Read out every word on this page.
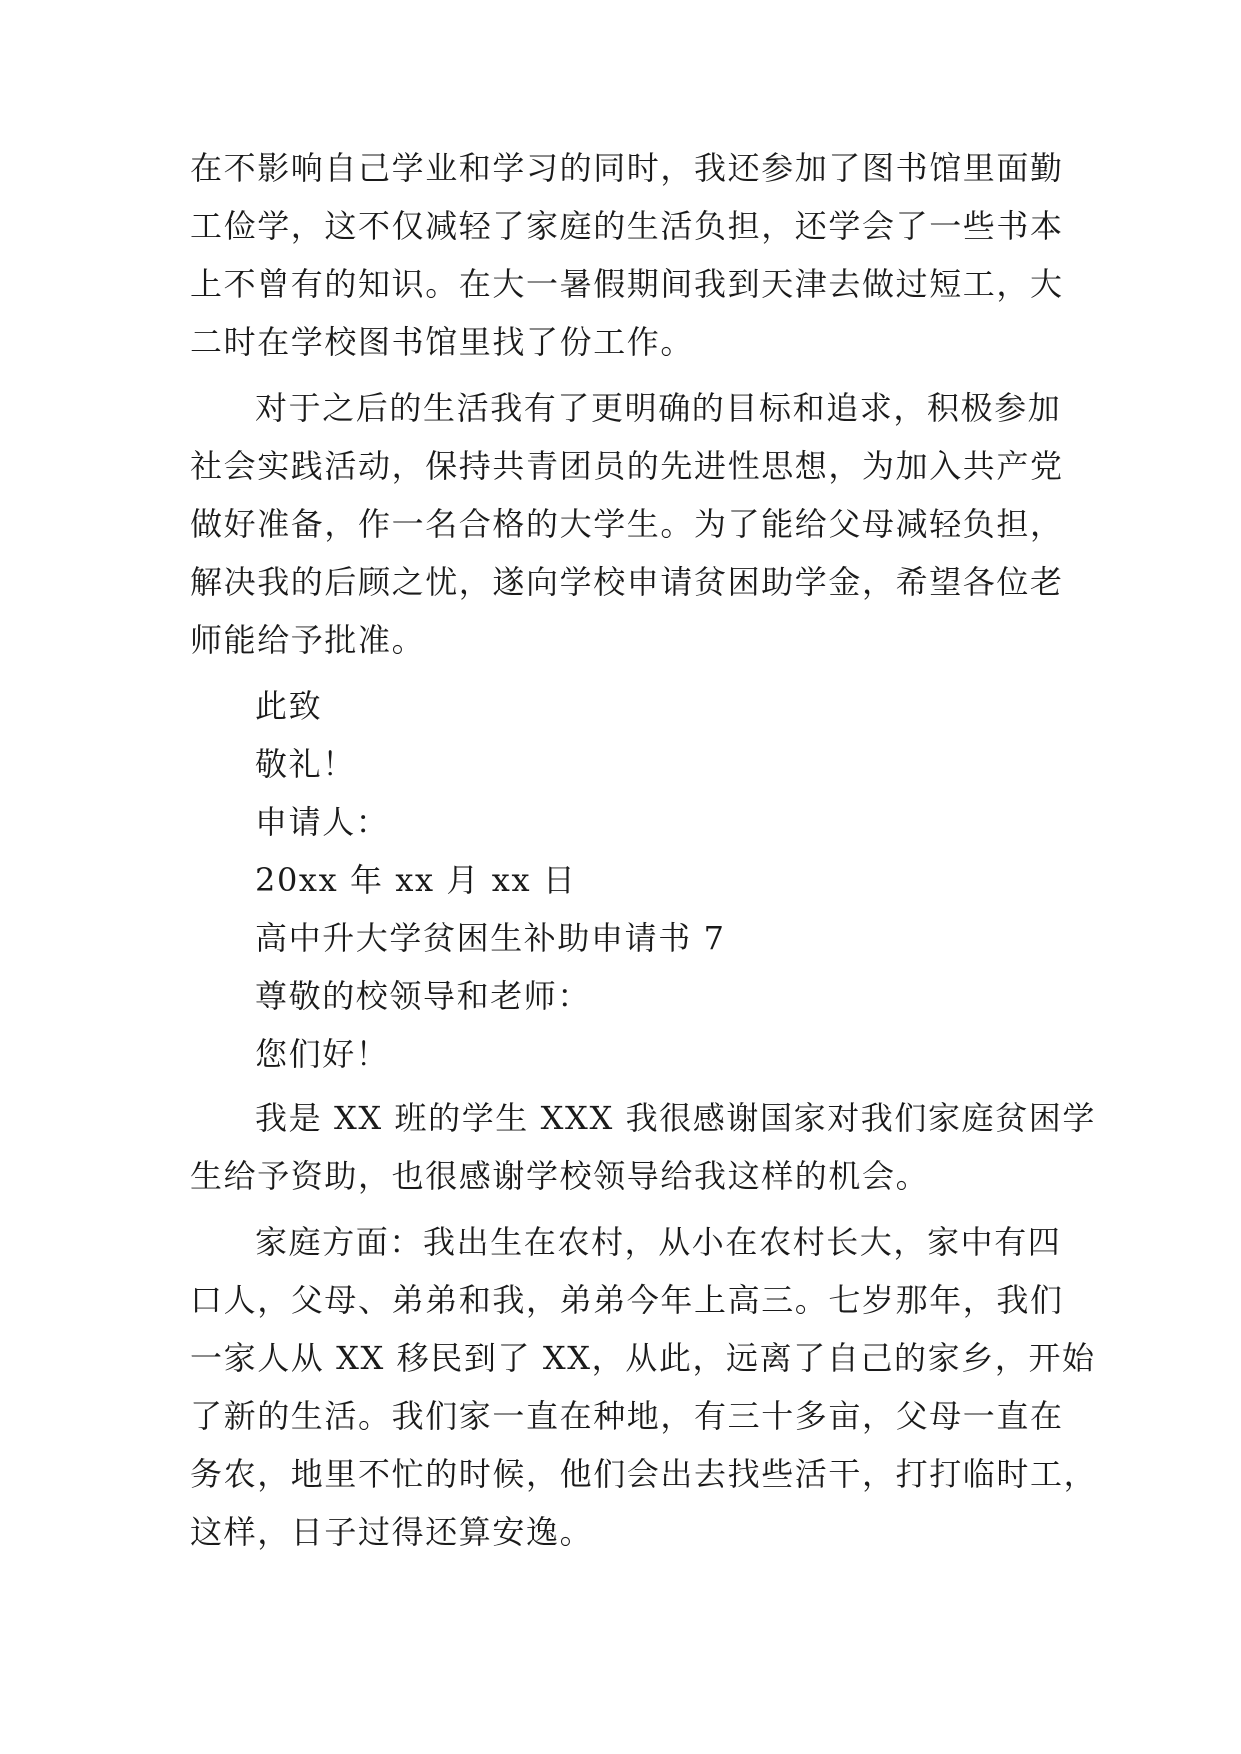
在不影响自己学业和学习的同时，我还参加了图书馆里面勤
工俭学，这不仅减轻了家庭的生活负担，还学会了一些书本
上不曾有的知识。在大一暑假期间我到天津去做过短工，大
二时在学校图书馆里找了份工作。
对于之后的生活我有了更明确的目标和追求，积极参加
社会实践活动，保持共青团员的先进性思想，为加入共产党
做好准备，作一名合格的大学生。为了能给父母减轻负担，
解决我的后顾之忧，遂向学校申请贫困助学金，希望各位老
师能给予批准。
此致
敬礼！
申请人：
20xx 年 xx 月 xx 日
高中升大学贫困生补助申请书 7
尊敬的校领导和老师：
您们好！
我是 XX 班的学生 XXX 我很感谢国家对我们家庭贫困学
生给予资助，也很感谢学校领导给我这样的机会。
家庭方面：我出生在农村，从小在农村长大，家中有四
口人，父母、弟弟和我，弟弟今年上高三。七岁那年，我们
一家人从 XX 移民到了 XX，从此，远离了自己的家乡，开始
了新的生活。我们家一直在种地，有三十多亩，父母一直在
务农，地里不忙的时候，他们会出去找些活干，打打临时工，
这样，日子过得还算安逸。
